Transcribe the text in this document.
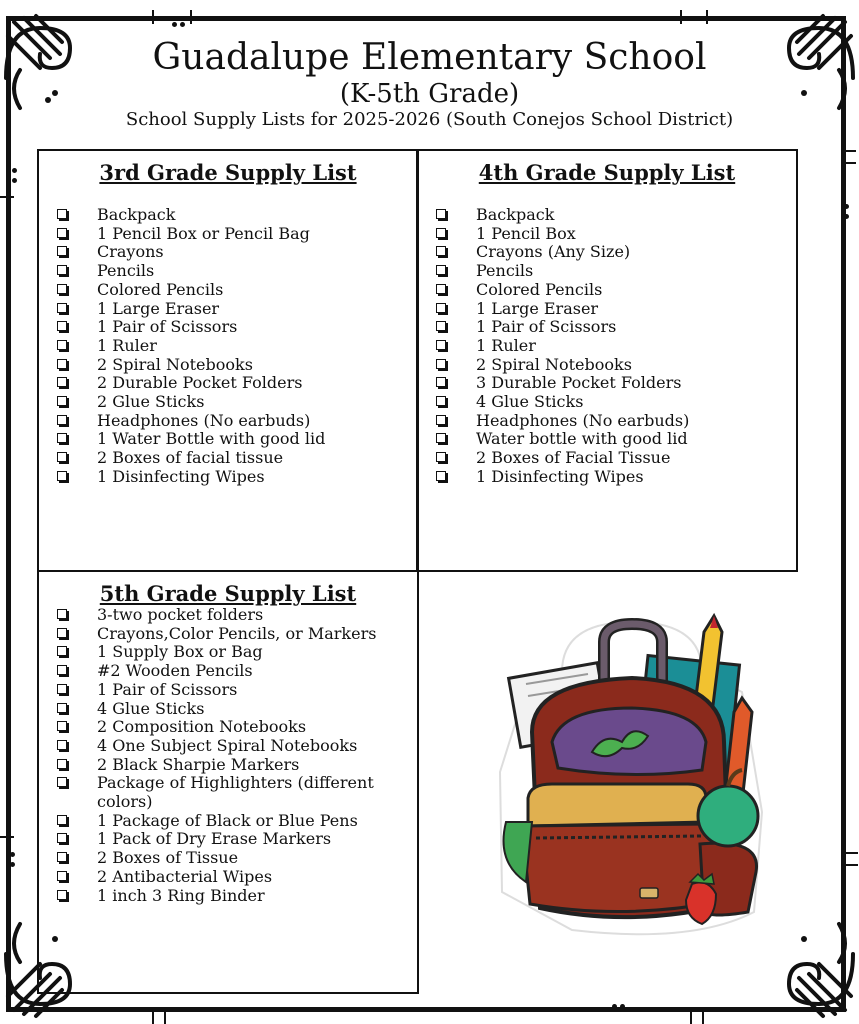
Guadalupe Elementary School
(K-5th Grade)
School Supply Lists for 2025-2026 (South Conejos School District)
3rd Grade Supply List
Backpack
1 Pencil Box or Pencil Bag
Crayons
Pencils
Colored Pencils
1 Large Eraser
1 Pair of Scissors
1 Ruler
2 Spiral Notebooks
2 Durable Pocket Folders
2 Glue Sticks
Headphones (No earbuds)
1 Water Bottle with good lid
2 Boxes of facial tissue
1 Disinfecting Wipes
4th Grade Supply List
Backpack
1 Pencil Box
Crayons (Any Size)
Pencils
Colored Pencils
1 Large Eraser
1 Pair of Scissors
1 Ruler
2 Spiral Notebooks
3 Durable Pocket Folders
4 Glue Sticks
Headphones (No earbuds)
Water bottle with good lid
2 Boxes of Facial Tissue
1 Disinfecting Wipes
5th Grade Supply List
3-two pocket folders
Crayons,Color Pencils, or Markers
1 Supply Box or Bag
#2 Wooden Pencils
1 Pair of Scissors
4 Glue Sticks
2 Composition Notebooks
4 One Subject Spiral Notebooks
2 Black Sharpie Markers
Package of Highlighters (different colors)
1 Package of Black or Blue Pens
1 Pack of Dry Erase Markers
2 Boxes of Tissue
2 Antibacterial Wipes
1 inch 3 Ring Binder
